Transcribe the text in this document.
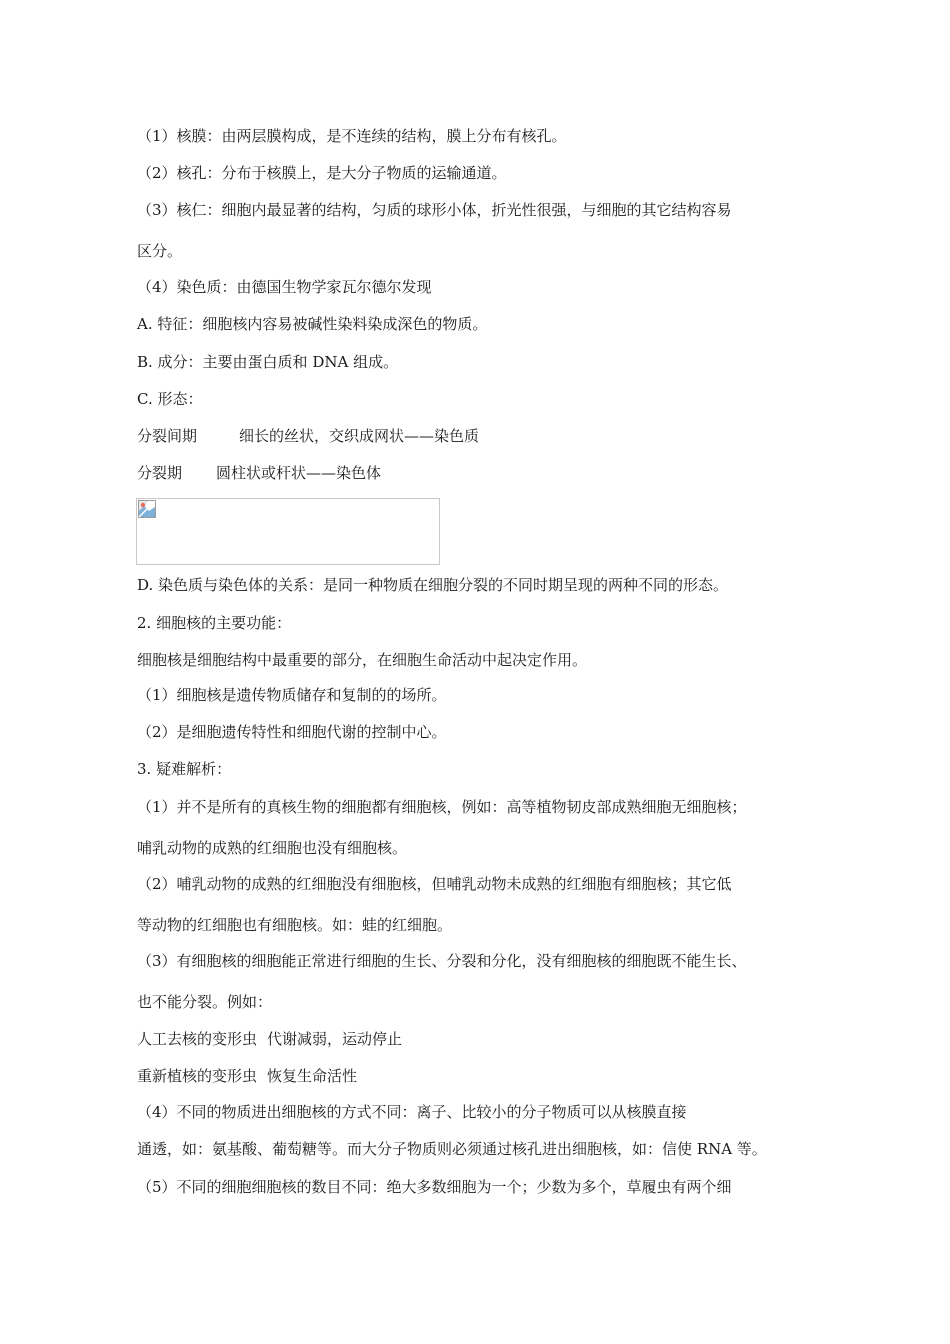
（1）核膜：由两层膜构成，是不连续的结构，膜上分布有核孔。
（2）核孔：分布于核膜上，是大分子物质的运输通道。
（3）核仁：细胞内最显著的结构，匀质的球形小体，折光性很强，与细胞的其它结构容易
区分。
（4）染色质：由德国生物学家瓦尔德尔发现
A. 特征：细胞核内容易被碱性染料染成深色的物质。
B. 成分：主要由蛋白质和 DNA 组成。
C. 形态：
分裂间期	细长的丝状，交织成网状——染色质
分裂期 圆柱状或杆状——染色体
D. 染色质与染色体的关系：是同一种物质在细胞分裂的不同时期呈现的两种不同的形态。
2. 细胞核的主要功能：
细胞核是细胞结构中最重要的部分，在细胞生命活动中起决定作用。
（1）细胞核是遗传物质储存和复制的的场所。
（2）是细胞遗传特性和细胞代谢的控制中心。
3. 疑难解析：
（1）并不是所有的真核生物的细胞都有细胞核，例如：高等植物韧皮部成熟细胞无细胞核；
哺乳动物的成熟的红细胞也没有细胞核。
（2）哺乳动物的成熟的红细胞没有细胞核，但哺乳动物未成熟的红细胞有细胞核；其它低
等动物的红细胞也有细胞核。如：蛙的红细胞。
（3）有细胞核的细胞能正常进行细胞的生长、分裂和分化，没有细胞核的细胞既不能生长、
也不能分裂。例如：
人工去核的变形虫 代谢减弱，运动停止
重新植核的变形虫 恢复生命活性
（4）不同的物质进出细胞核的方式不同：离子、比较小的分子物质可以从核膜直接
通透，如：氨基酸、葡萄糖等。而大分子物质则必须通过核孔进出细胞核，如：信使 RNA 等。
（5）不同的细胞细胞核的数目不同：绝大多数细胞为一个；少数为多个，草履虫有两个细
